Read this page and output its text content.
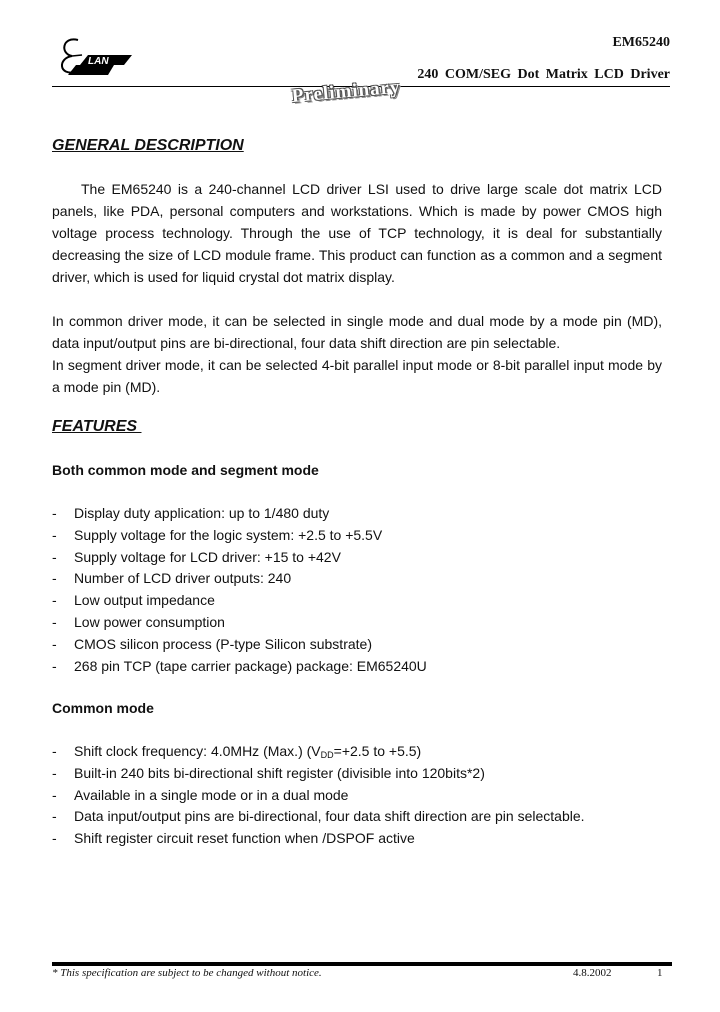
LAN
EM65240
240 COM/SEG Dot Matrix LCD Driver
Preliminary
GENERAL DESCRIPTION

The EM65240 is a 240-channel LCD driver LSI used to drive large scale dot matrix LCD panels, like PDA, personal computers and workstations. Which is made by power CMOS high voltage process technology. Through the use of TCP technology, it is deal for substantially decreasing the size of LCD module frame. This product can function as a common and a segment driver, which is used for liquid crystal dot matrix display.

In common driver mode, it can be selected in single mode and dual mode by a mode pin (MD), data input/output pins are bi-directional, four data shift direction are pin selectable.

In segment driver mode, it can be selected 4-bit parallel input mode or 8-bit parallel input mode by a mode pin (MD).

FEATURES
Both common mode and segment mode
- Display duty application: up to 1/480 duty
- Supply voltage for the logic system: +2.5 to +5.5V
- Supply voltage for LCD driver: +15 to +42V
- Number of LCD driver outputs: 240
- Low output impedance
- Low power consumption
- CMOS silicon process (P-type Silicon substrate)
- 268 pin TCP (tape carrier package) package: EM65240U
Common mode
- Shift clock frequency: 4.0MHz (Max.) ($V_{DD}=+2.5$ to +5.5)
- Built-in 240 bits bi-directional shift register (divisible into 120bits*2)
- Available in a single mode or in a dual mode
- Data input/output pins are bi-directional, four data shift direction are pin selectable.
- Shift register circuit reset function when /DSPOF active
* This specification are subject to be changed without notice.	4.8.2002	1
